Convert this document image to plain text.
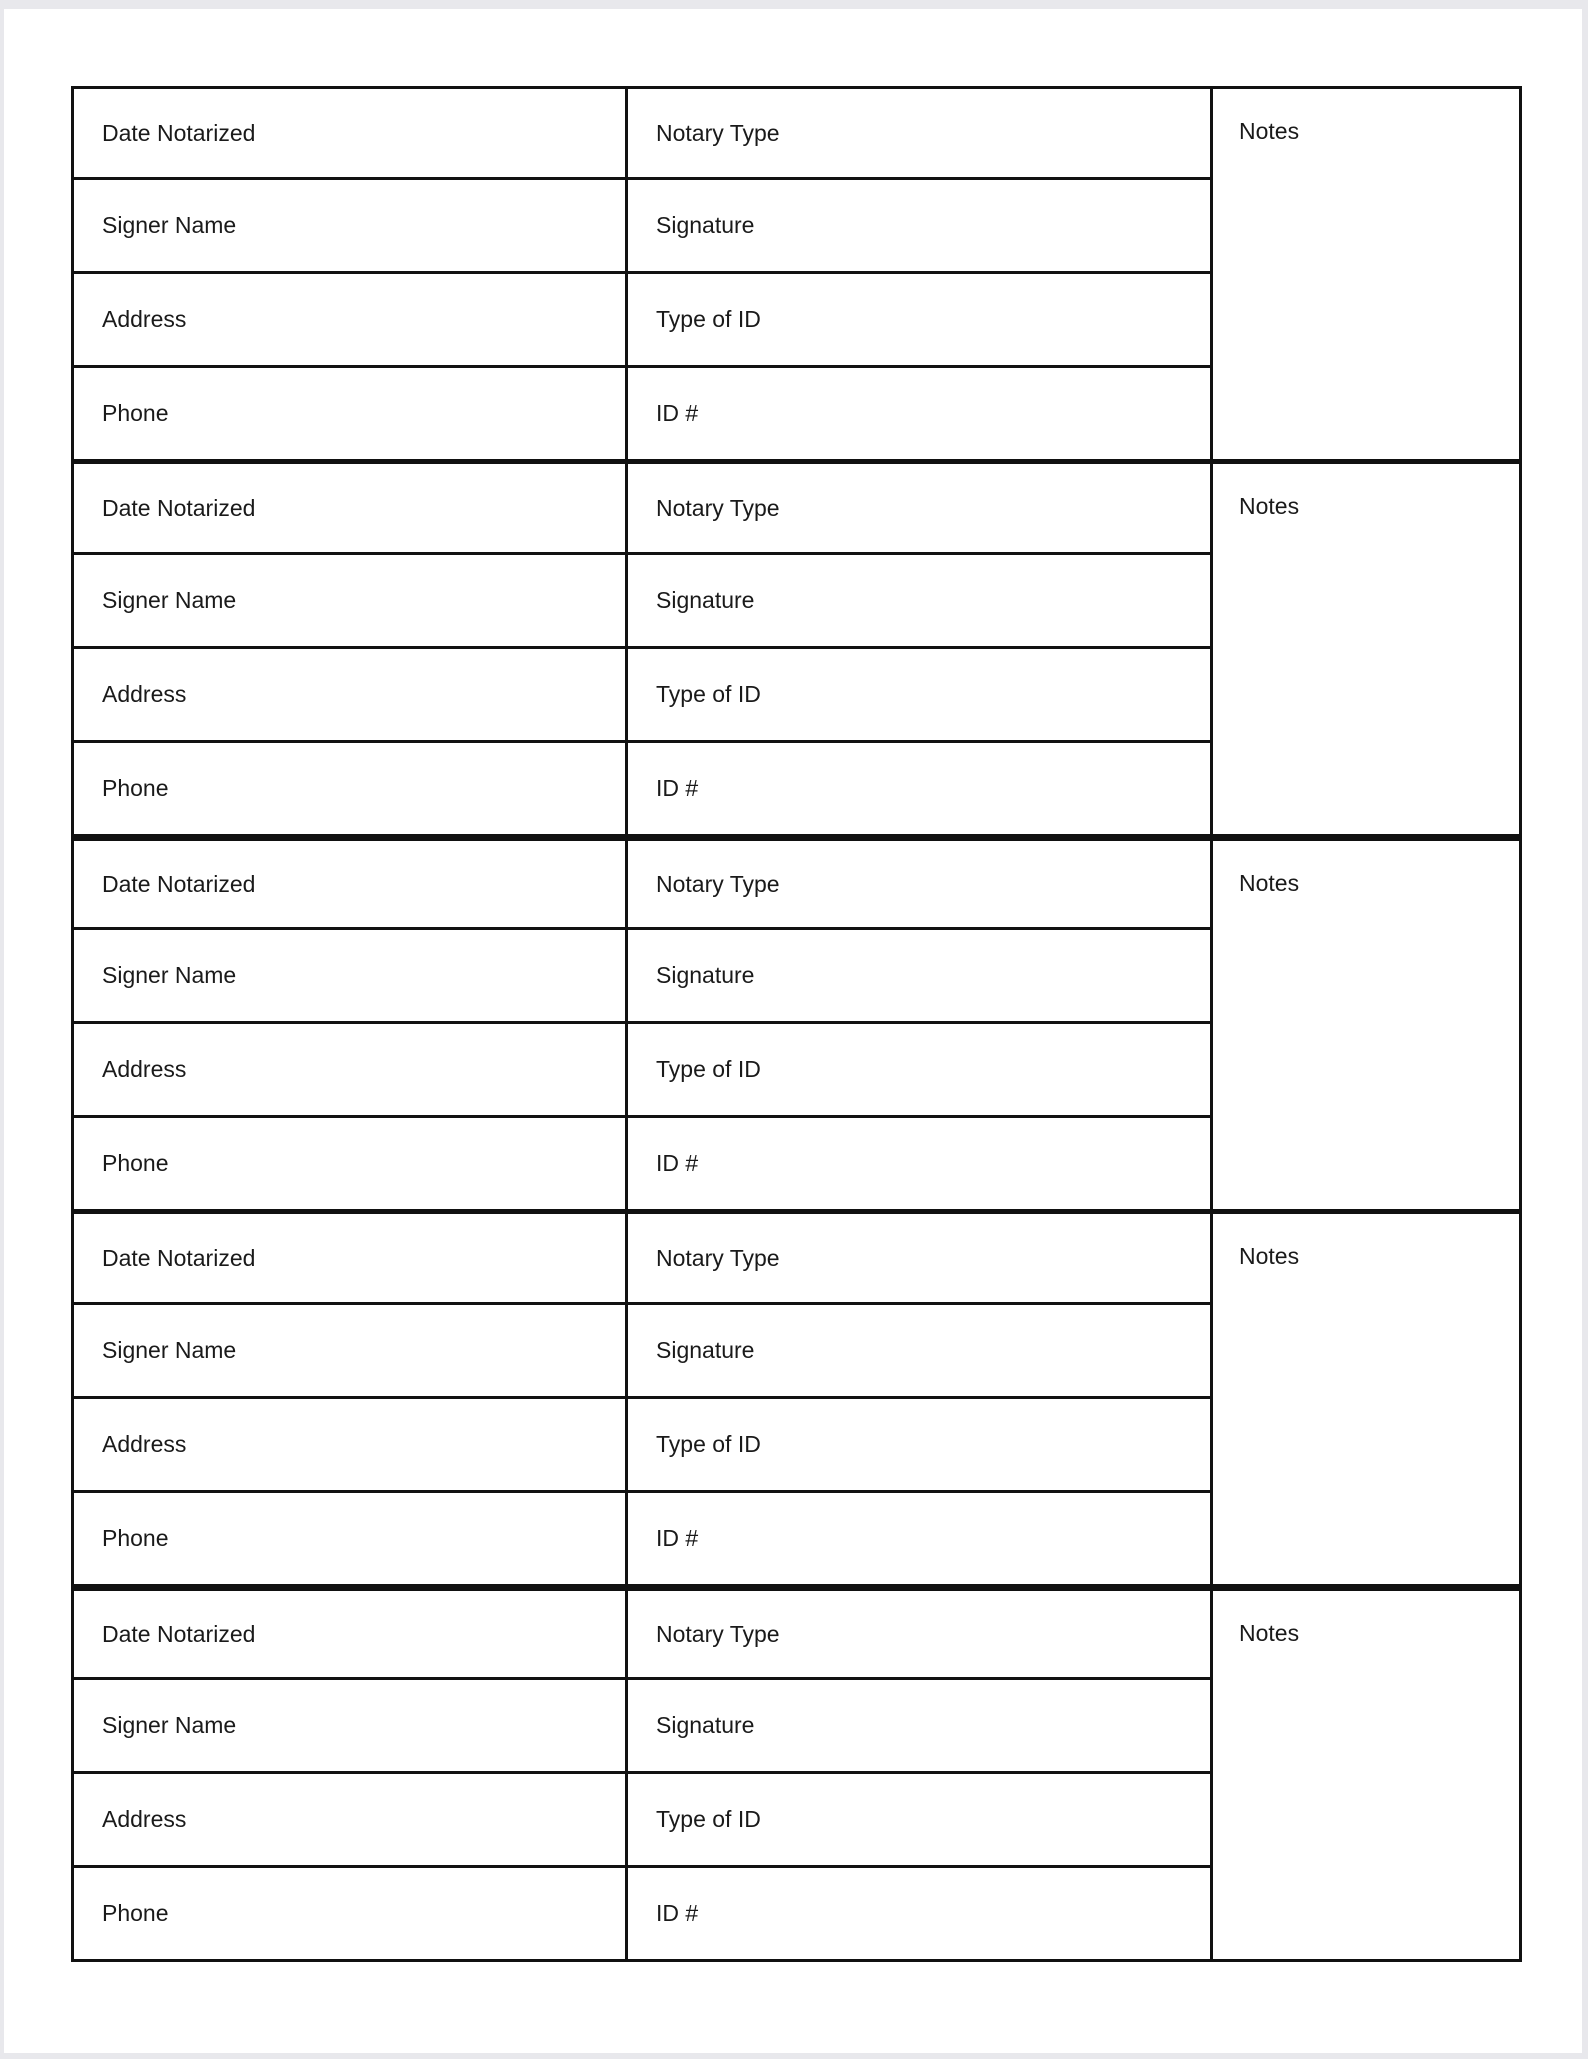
Date Notarized	Notary Type	Notes
Signer Name	Signature
Address	Type of ID
Phone	ID #
Date Notarized	Notary Type	Notes
Signer Name	Signature
Address	Type of ID
Phone	ID #
Date Notarized	Notary Type	Notes
Signer Name	Signature
Address	Type of ID
Phone	ID #
Date Notarized	Notary Type	Notes
Signer Name	Signature
Address	Type of ID
Phone	ID #
Date Notarized	Notary Type	Notes
Signer Name	Signature
Address	Type of ID
Phone	ID #
